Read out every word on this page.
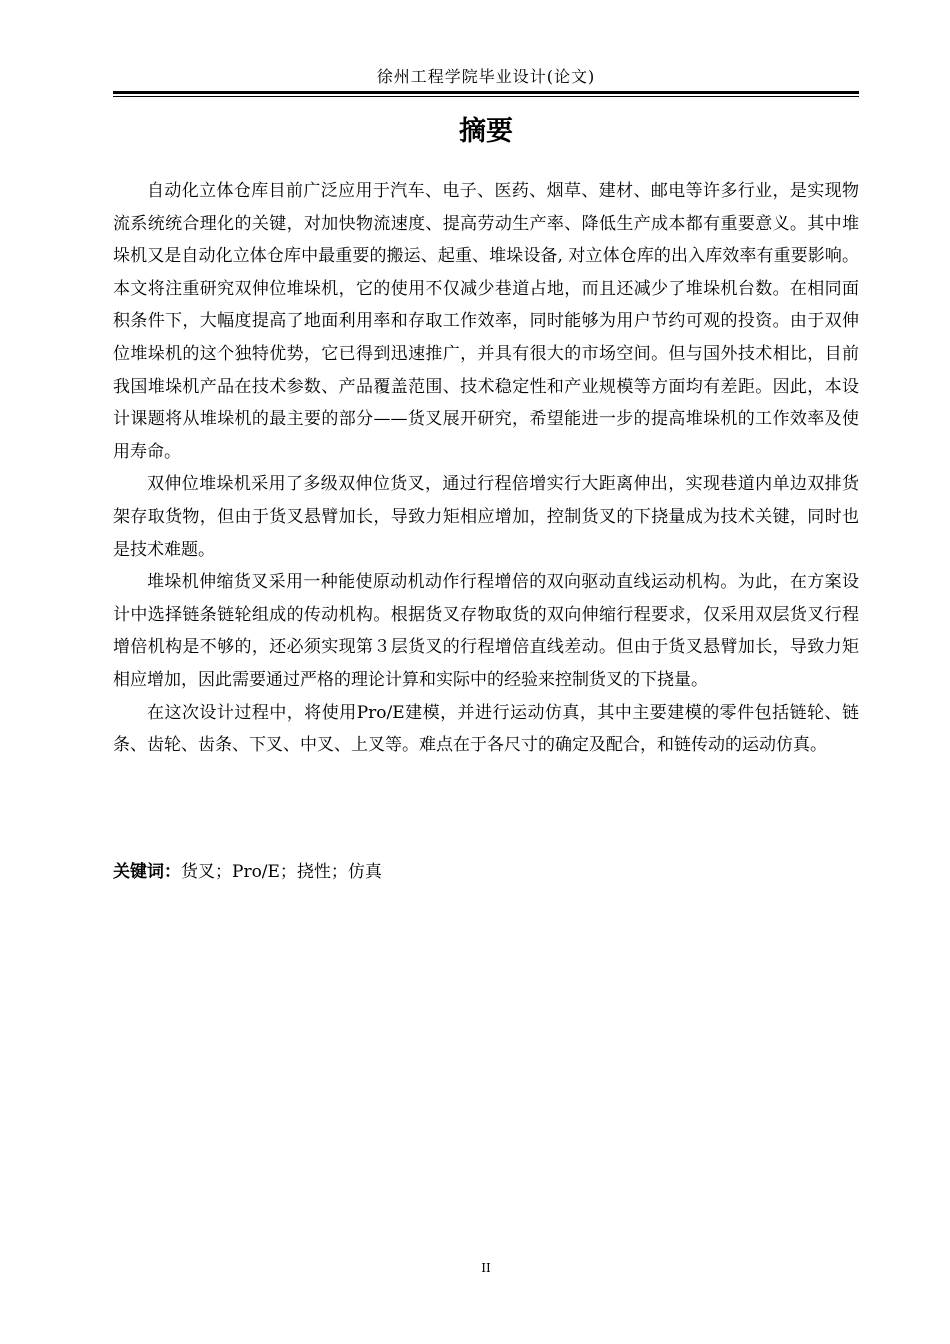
徐州工程学院毕业设计(论文)
摘要

自动化立体仓库目前广泛应用于汽车、电子、医药、烟草、建材、邮电等许多行业，是实现物流系统统合理化的关键，对加快物流速度、提高劳动生产率、降低生产成本都有重要意义。其中堆垛机又是自动化立体仓库中最重要的搬运、起重、堆垛设备, 对立体仓库的出入库效率有重要影响。本文将注重研究双伸位堆垛机，它的使用不仅减少巷道占地，而且还减少了堆垛机台数。在相同面积条件下，大幅度提高了地面利用率和存取工作效率，同时能够为用户节约可观的投资。由于双伸位堆垛机的这个独特优势，它已得到迅速推广，并具有很大的市场空间。但与国外技术相比，目前我国堆垛机产品在技术参数、产品覆盖范围、技术稳定性和产业规模等方面均有差距。因此，本设计课题将从堆垛机的最主要的部分——货叉展开研究，希望能进一步的提高堆垛机的工作效率及使用寿命。

双伸位堆垛机采用了多级双伸位货叉，通过行程倍增实行大距离伸出，实现巷道内单边双排货架存取货物，但由于货叉悬臂加长，导致力矩相应增加，控制货叉的下挠量成为技术关键，同时也是技术难题。

堆垛机伸缩货叉采用一种能使原动机动作行程增倍的双向驱动直线运动机构。为此，在方案设计中选择链条链轮组成的传动机构。根据货叉存物取货的双向伸缩行程要求，仅采用双层货叉行程增倍机构是不够的，还必须实现第３层货叉的行程增倍直线差动。但由于货叉悬臂加长，导致力矩相应增加，因此需要通过严格的理论计算和实际中的经验来控制货叉的下挠量。

在这次设计过程中，将使用Pro/E建模，并进行运动仿真，其中主要建模的零件包括链轮、链条、齿轮、齿条、下叉、中叉、上叉等。难点在于各尺寸的确定及配合，和链传动的运动仿真。

关键词：货叉；Pro/E；挠性；仿真
II
